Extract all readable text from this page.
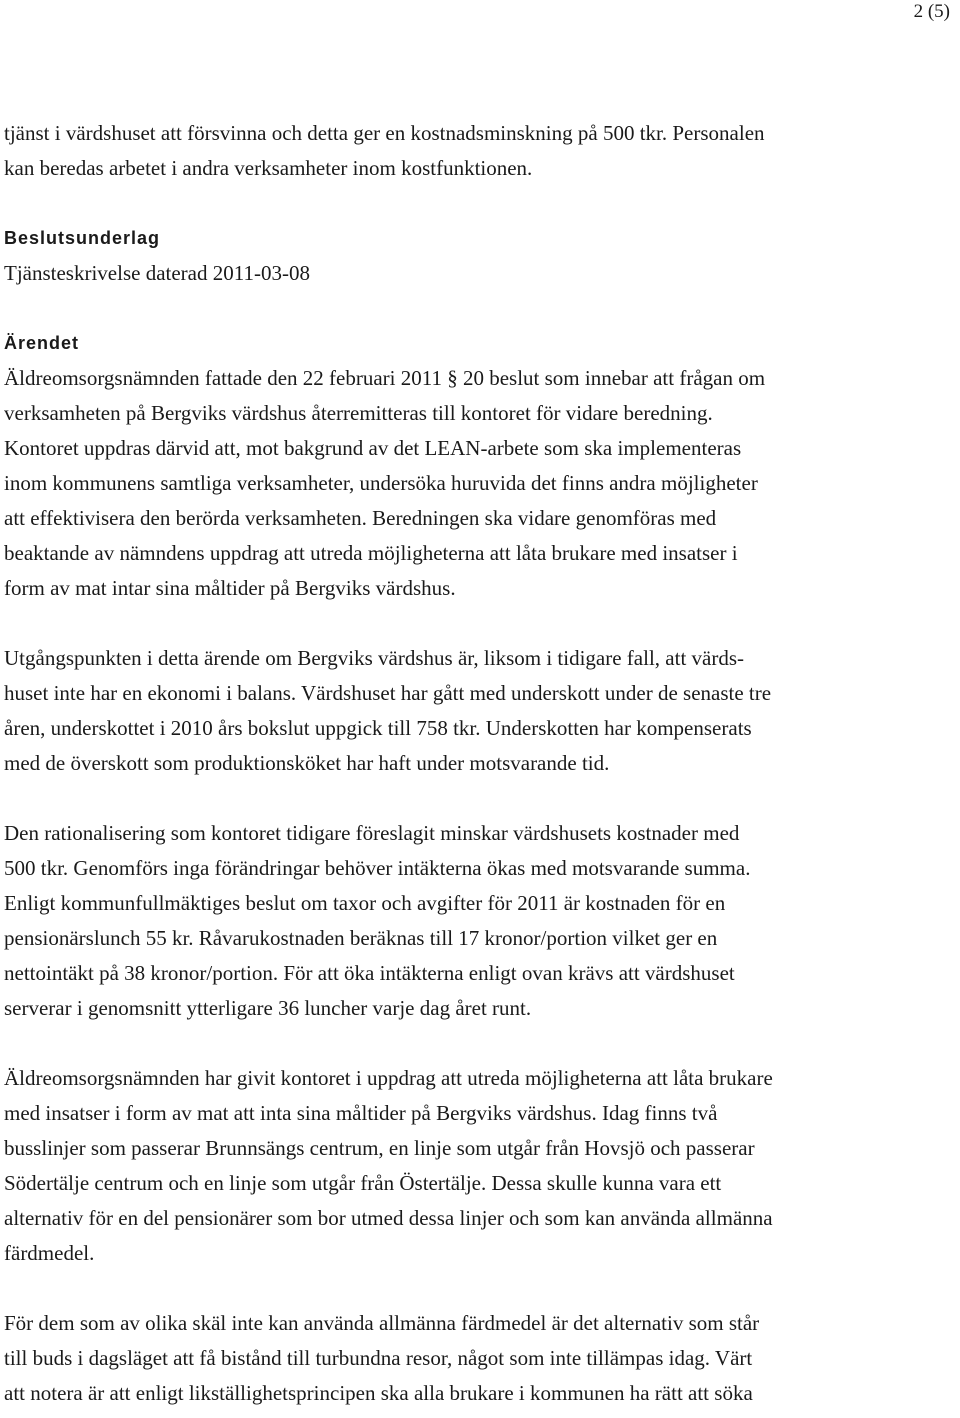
2 (5)

tjänst i värdshuset att försvinna och detta ger en kostnadsminskning på 500 tkr. Personalen

kan beredas arbetet i andra verksamheter inom kostfunktionen.

Beslutsunderlag

Tjänsteskrivelse daterad 2011-03-08

Ärendet

Äldreomsorgsnämnden fattade den 22 februari 2011 § 20 beslut som innebar att frågan om

verksamheten på Bergviks värdshus återremitteras till kontoret för vidare beredning.

Kontoret uppdras därvid att, mot bakgrund av det LEAN-arbete som ska implementeras

inom kommunens samtliga verksamheter, undersöka huruvida det finns andra möjligheter

att effektivisera den berörda verksamheten. Beredningen ska vidare genomföras med

beaktande av nämndens uppdrag att utreda möjligheterna att låta brukare med insatser i

form av mat intar sina måltider på Bergviks värdshus.

Utgångspunkten i detta ärende om Bergviks värdshus är, liksom i tidigare fall, att värds-

huset inte har en ekonomi i balans. Värdshuset har gått med underskott under de senaste tre

åren, underskottet i 2010 års bokslut uppgick till 758 tkr. Underskotten har kompenserats

med de överskott som produktionsköket har haft under motsvarande tid.

Den rationalisering som kontoret tidigare föreslagit minskar värdshusets kostnader med

500 tkr. Genomförs inga förändringar behöver intäkterna ökas med motsvarande summa.

Enligt kommunfullmäktiges beslut om taxor och avgifter för 2011 är kostnaden för en

pensionärslunch 55 kr. Råvarukostnaden beräknas till 17 kronor/portion vilket ger en

nettointäkt på 38 kronor/portion. För att öka intäkterna enligt ovan krävs att värdshuset

serverar i genomsnitt ytterligare 36 luncher varje dag året runt.

Äldreomsorgsnämnden har givit kontoret i uppdrag att utreda möjligheterna att låta brukare

med insatser i form av mat att inta sina måltider på Bergviks värdshus. Idag finns två

busslinjer som passerar Brunnsängs centrum, en linje som utgår från Hovsjö och passerar

Södertälje centrum och en linje som utgår från Östertälje. Dessa skulle kunna vara ett

alternativ för en del pensionärer som bor utmed dessa linjer och som kan använda allmänna

färdmedel.

För dem som av olika skäl inte kan använda allmänna färdmedel är det alternativ som står

till buds i dagsläget att få bistånd till turbundna resor, något som inte tillämpas idag. Värt

att notera är att enligt likställighetsprincipen ska alla brukare i kommunen ha rätt att söka
